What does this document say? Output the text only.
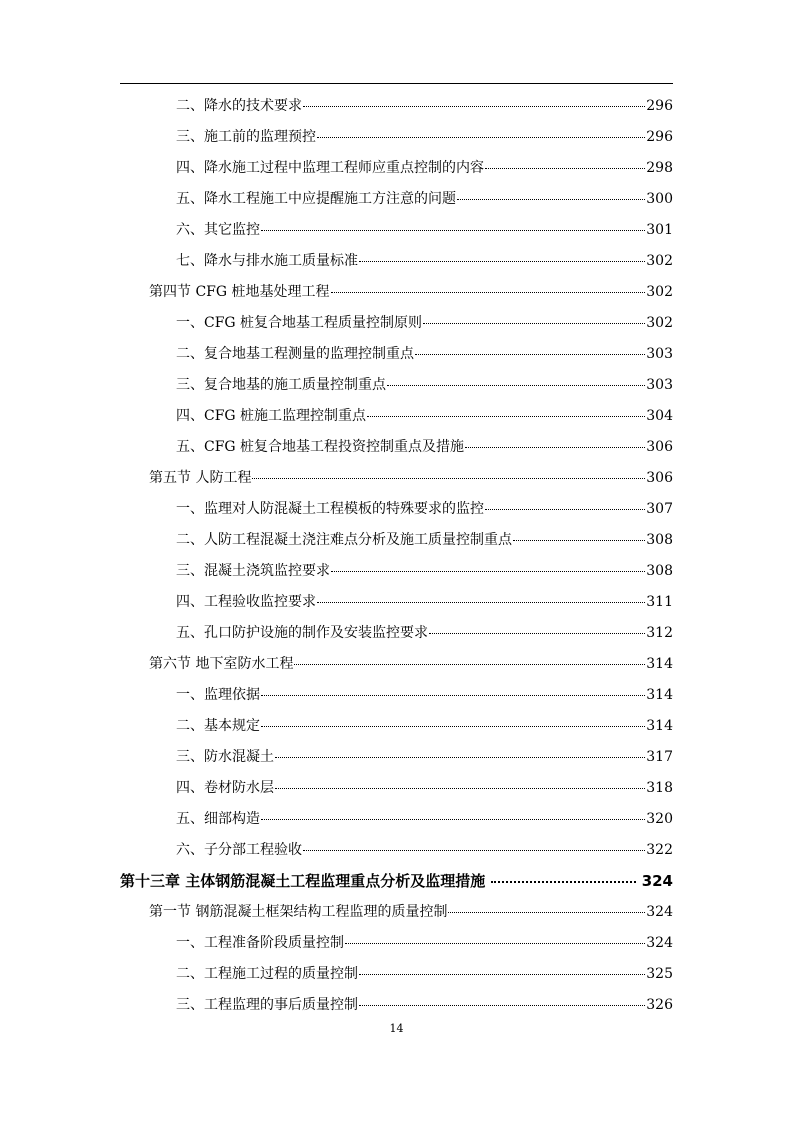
二、降水的技术要求	296
三、施工前的监理预控	296
四、降水施工过程中监理工程师应重点控制的内容	298
五、降水工程施工中应提醒施工方注意的问题	300
六、其它监控	301
七、降水与排水施工质量标准	302
第四节 CFG 桩地基处理工程	302
一、CFG 桩复合地基工程质量控制原则	302
二、复合地基工程测量的监理控制重点	303
三、复合地基的施工质量控制重点	303
四、CFG 桩施工监理控制重点	304
五、CFG 桩复合地基工程投资控制重点及措施	306
第五节 人防工程	306
一、监理对人防混凝土工程模板的特殊要求的监控	307
二、人防工程混凝土浇注难点分析及施工质量控制重点	308
三、混凝土浇筑监控要求	308
四、工程验收监控要求	311
五、孔口防护设施的制作及安装监控要求	312
第六节 地下室防水工程	314
一、监理依据	314
二、基本规定	314
三、防水混凝土	317
四、卷材防水层	318
五、细部构造	320
六、子分部工程验收	322
第十三章 主体钢筋混凝土工程监理重点分析及监理措施	324
第一节 钢筋混凝土框架结构工程监理的质量控制	324
一、工程准备阶段质量控制	324
二、工程施工过程的质量控制	325
三、工程监理的事后质量控制	326
14
